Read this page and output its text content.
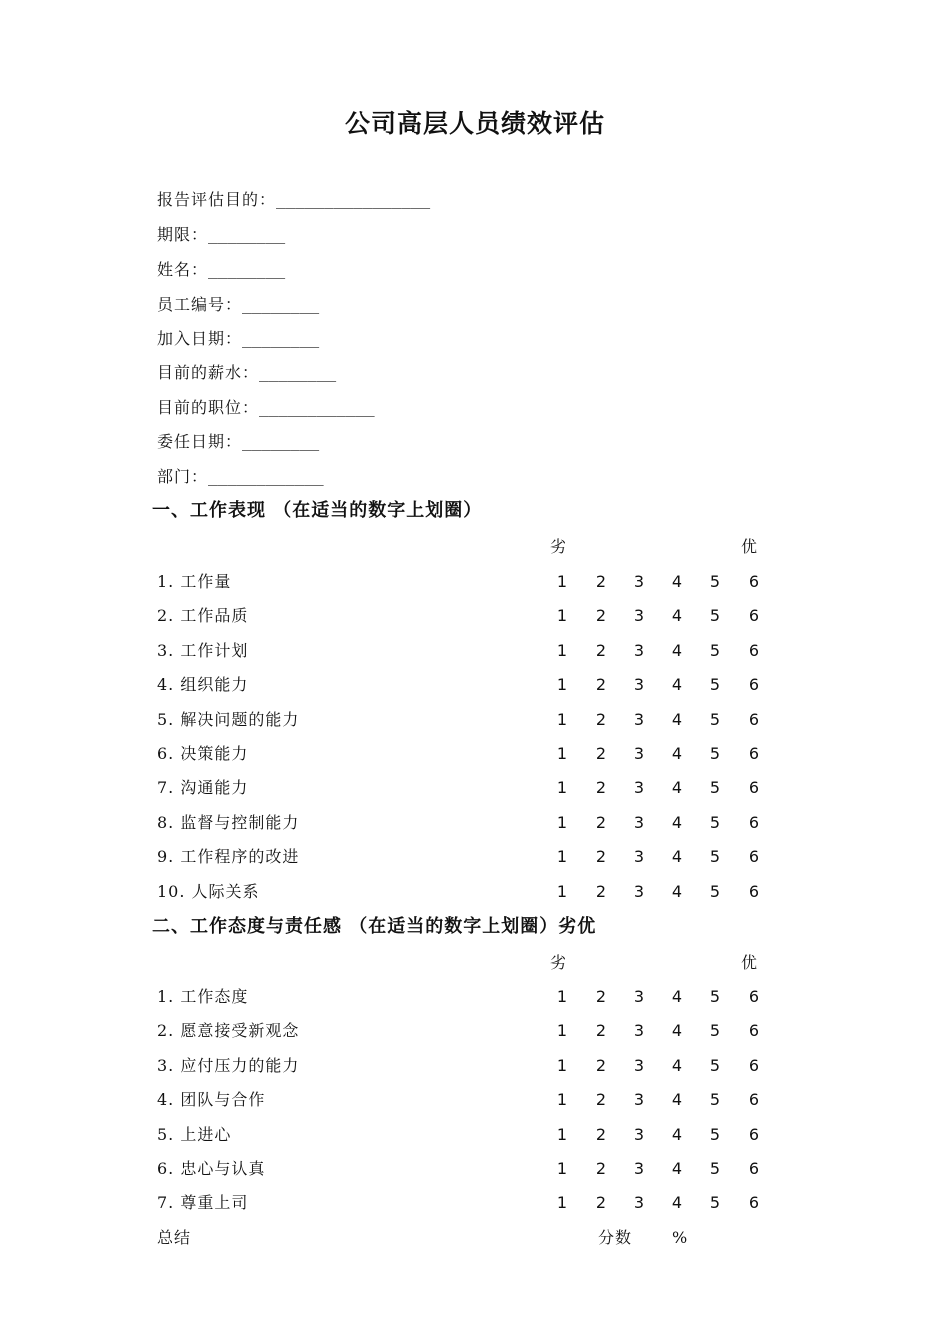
公司高层人员绩效评估
报告评估目的：________________
期限：________
姓名：________
员工编号：________
加入日期：________
目前的薪水：________
目前的职位：____________
委任日期：________
部门：____________
一、工作表现 （在适当的数字上划圈）
劣	优
1. 工作量	1	2	3	4	5	6
2. 工作品质	1	2	3	4	5	6
3. 工作计划	1	2	3	4	5	6
4. 组织能力	1	2	3	4	5	6
5. 解决问题的能力	1	2	3	4	5	6
6. 决策能力	1	2	3	4	5	6
7. 沟通能力	1	2	3	4	5	6
8. 监督与控制能力	1	2	3	4	5	6
9. 工作程序的改进	1	2	3	4	5	6
10. 人际关系	1	2	3	4	5	6
二、工作态度与责任感 （在适当的数字上划圈）劣优
劣	优
1. 工作态度	1	2	3	4	5	6
2. 愿意接受新观念	1	2	3	4	5	6
3. 应付压力的能力	1	2	3	4	5	6
4. 团队与合作	1	2	3	4	5	6
5. 上进心	1	2	3	4	5	6
6. 忠心与认真	1	2	3	4	5	6
7. 尊重上司	1	2	3	4	5	6
总结	分数 %
